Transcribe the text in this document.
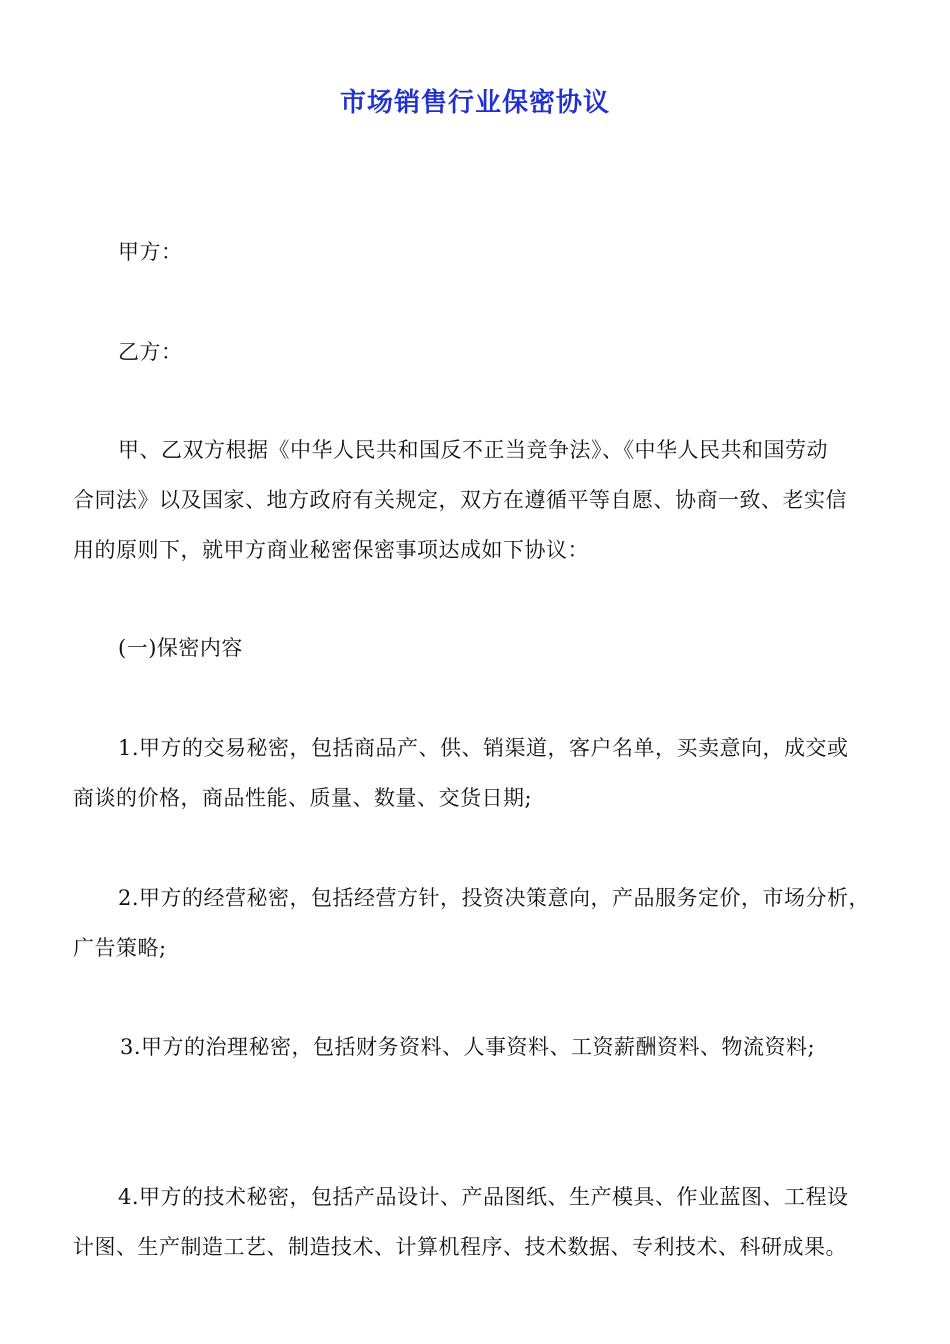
市场销售行业保密协议
甲方：
乙方：
甲、乙双方根据《中华人民共和国反不正当竞争法》、《中华人民共和国劳动
合同法》以及国家、地方政府有关规定，双方在遵循平等自愿、协商一致、老实信
用的原则下，就甲方商业秘密保密事项达成如下协议：
(一)保密内容
1.甲方的交易秘密，包括商品产、供、销渠道，客户名单，买卖意向，成交或
商谈的价格，商品性能、质量、数量、交货日期;
2.甲方的经营秘密，包括经营方针，投资决策意向，产品服务定价，市场分析，
广告策略;
3.甲方的治理秘密，包括财务资料、人事资料、工资薪酬资料、物流资料;
4.甲方的技术秘密，包括产品设计、产品图纸、生产模具、作业蓝图、工程设
计图、生产制造工艺、制造技术、计算机程序、技术数据、专利技术、科研成果。
